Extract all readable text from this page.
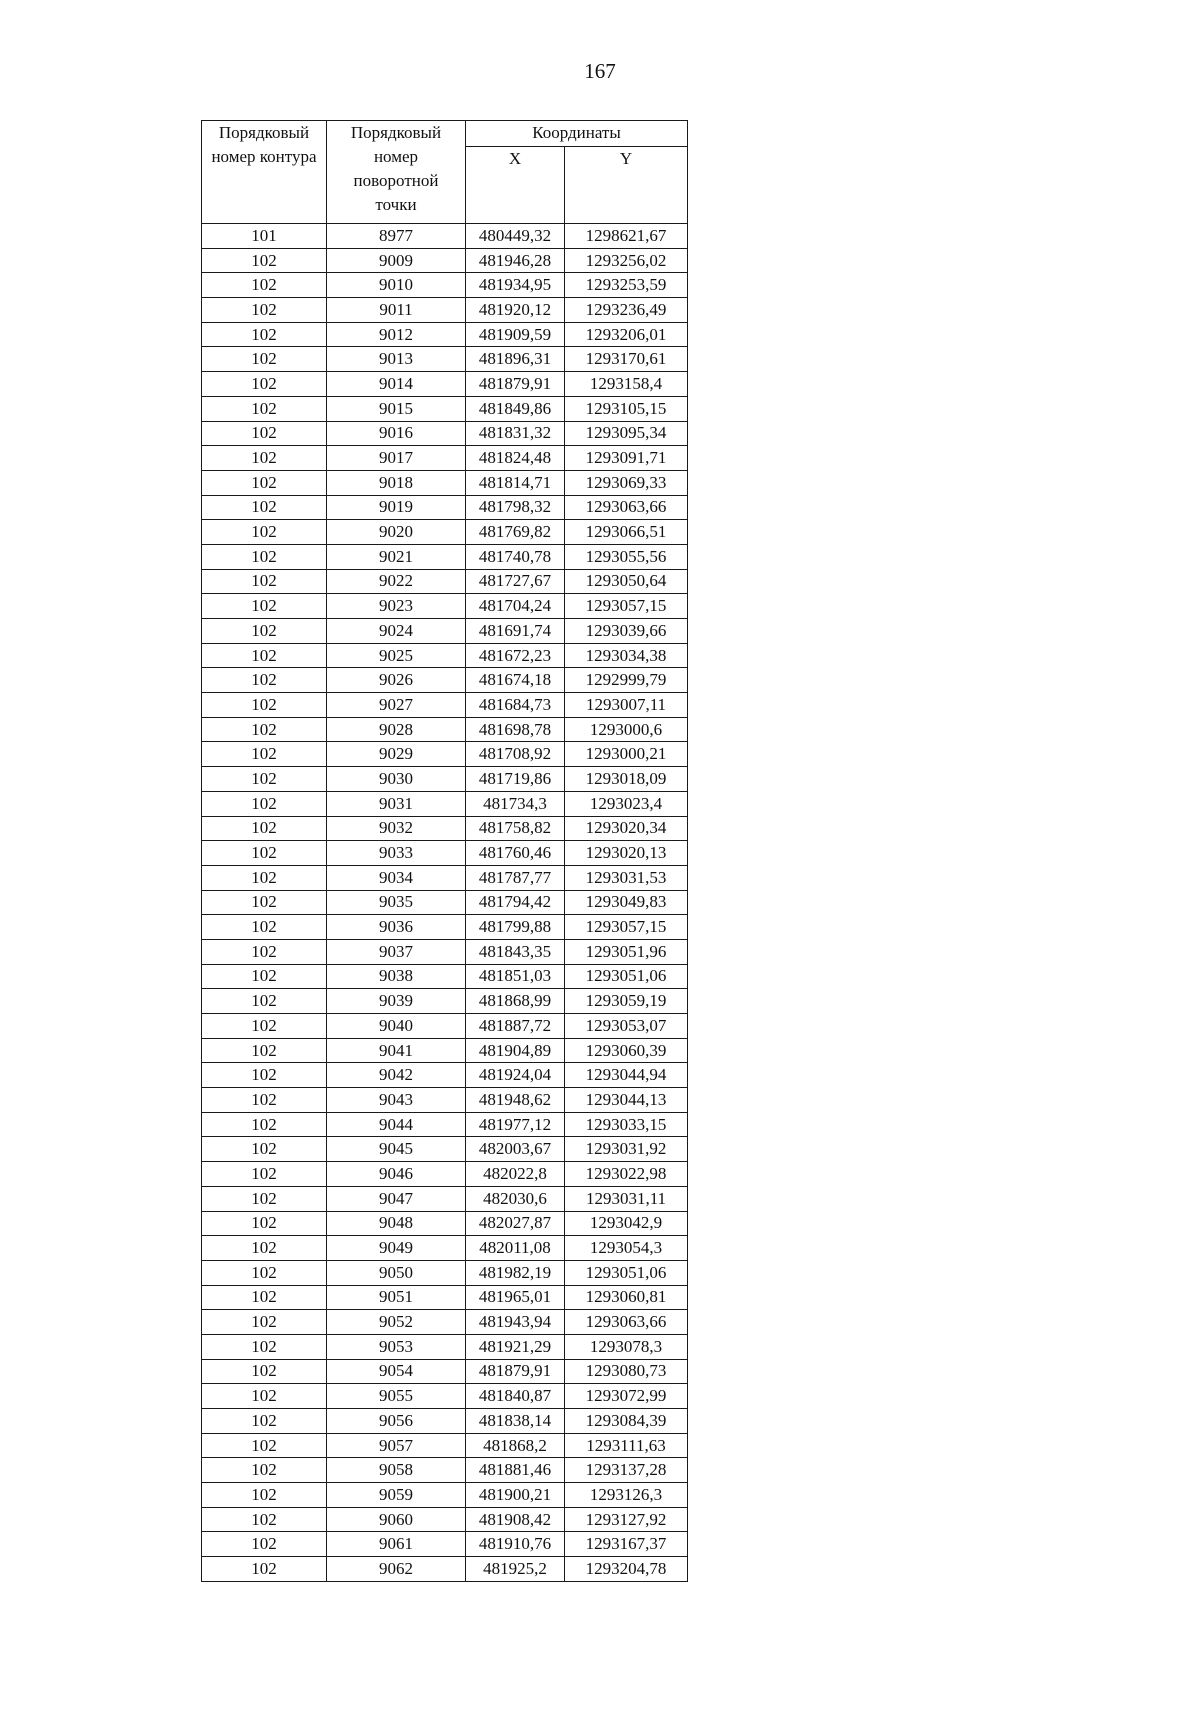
167
Порядковый
номер контура	Порядковый
номер
поворотной
точки	Координаты	
		X	Y
101	8977	480449,32	1298621,67
102	9009	481946,28	1293256,02
102	9010	481934,95	1293253,59
102	9011	481920,12	1293236,49
102	9012	481909,59	1293206,01
102	9013	481896,31	1293170,61
102	9014	481879,91	1293158,4
102	9015	481849,86	1293105,15
102	9016	481831,32	1293095,34
102	9017	481824,48	1293091,71
102	9018	481814,71	1293069,33
102	9019	481798,32	1293063,66
102	9020	481769,82	1293066,51
102	9021	481740,78	1293055,56
102	9022	481727,67	1293050,64
102	9023	481704,24	1293057,15
102	9024	481691,74	1293039,66
102	9025	481672,23	1293034,38
102	9026	481674,18	1292999,79
102	9027	481684,73	1293007,11
102	9028	481698,78	1293000,6
102	9029	481708,92	1293000,21
102	9030	481719,86	1293018,09
102	9031	481734,3	1293023,4
102	9032	481758,82	1293020,34
102	9033	481760,46	1293020,13
102	9034	481787,77	1293031,53
102	9035	481794,42	1293049,83
102	9036	481799,88	1293057,15
102	9037	481843,35	1293051,96
102	9038	481851,03	1293051,06
102	9039	481868,99	1293059,19
102	9040	481887,72	1293053,07
102	9041	481904,89	1293060,39
102	9042	481924,04	1293044,94
102	9043	481948,62	1293044,13
102	9044	481977,12	1293033,15
102	9045	482003,67	1293031,92
102	9046	482022,8	1293022,98
102	9047	482030,6	1293031,11
102	9048	482027,87	1293042,9
102	9049	482011,08	1293054,3
102	9050	481982,19	1293051,06
102	9051	481965,01	1293060,81
102	9052	481943,94	1293063,66
102	9053	481921,29	1293078,3
102	9054	481879,91	1293080,73
102	9055	481840,87	1293072,99
102	9056	481838,14	1293084,39
102	9057	481868,2	1293111,63
102	9058	481881,46	1293137,28
102	9059	481900,21	1293126,3
102	9060	481908,42	1293127,92
102	9061	481910,76	1293167,37
102	9062	481925,2	1293204,78
